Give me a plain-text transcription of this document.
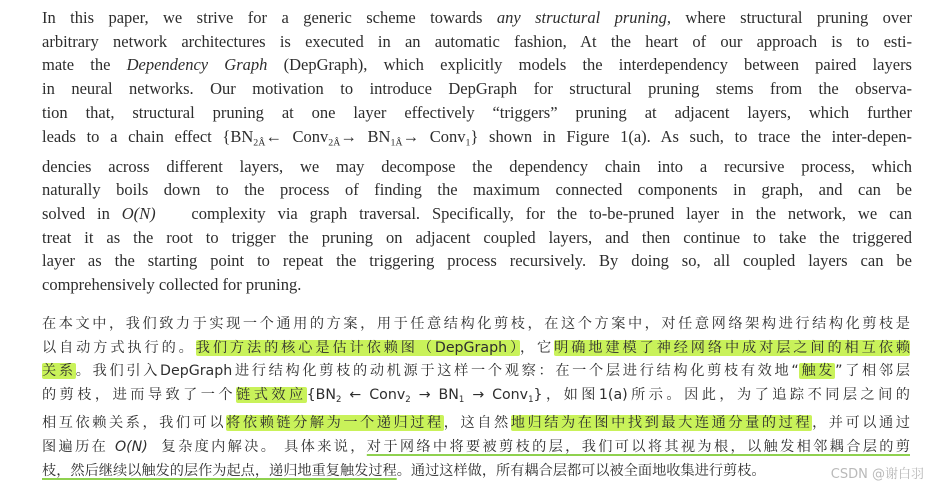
In this paper, we strive for a generic scheme towards any structural pruning, where structural pruning over
arbitrary network architectures is executed in an automatic fashion, At the heart of our approach is to esti-
mate the Dependency Graph (DepGraph), which explicitly models the interdependency between paired layers
in neural networks. Our motivation to introduce DepGraph for structural pruning stems from the observa-
tion that, structural pruning at one layer effectively “triggers” pruning at adjacent layers, which further
leads to a chain effect {$BN_{2Â}\leftarrow$ Conv$_{2Â}$→ $BN_{1Â}\to$ Conv$_1$} shown in Figure 1(a). As such, to trace the inter-depen-
dencies across different layers, we may decompose the dependency chain into a recursive process, which
naturally boils down to the process of finding the maximum connected components in graph, and can be
solved in O(N)   complexity via graph traversal. Specifically, for the to-be-pruned layer in the network, we can
treat it as the root to trigger the pruning on adjacent coupled layers, and then continue to take the triggered
layer as the starting point to repeat the triggering process recursively. By doing so, all coupled layers can be
comprehensively collected for pruning.
在本文中，我们致力于实现一个通用的方案，用于任意结构化剪枝，在这个方案中，对任意网络架构进行结构化剪枝是
以自动方式执行的。我们方法的核心是估计依赖图（DepGraph），它明确地建模了神经网络中成对层之间的相互依赖
关系。我们引入DepGraph进行结构化剪枝的动机源于这样一个观察：在一个层进行结构化剪枝有效地“触发”了相邻层
的剪枝，进而导致了一个链式效应{$BN_2$ ← Conv$_2$ → $BN_1$ → Conv$_1$}，如图1(a)所示。因此，为了追踪不同层之间的
相互依赖关系，我们可以将依赖链分解为一个递归过程，这自然地归结为在图中找到最大连通分量的过程，并可以通过
图遍历在 O(N)  复杂度内解决。 具体来说，对于网络中将要被剪枝的层，我们可以将其视为根，以触发相邻耦合层的剪
枝，然后继续以触发的层作为起点，递归地重复触发过程。通过这样做，所有耦合层都可以被全面地收集进行剪枝。	CSDN @谢白羽
